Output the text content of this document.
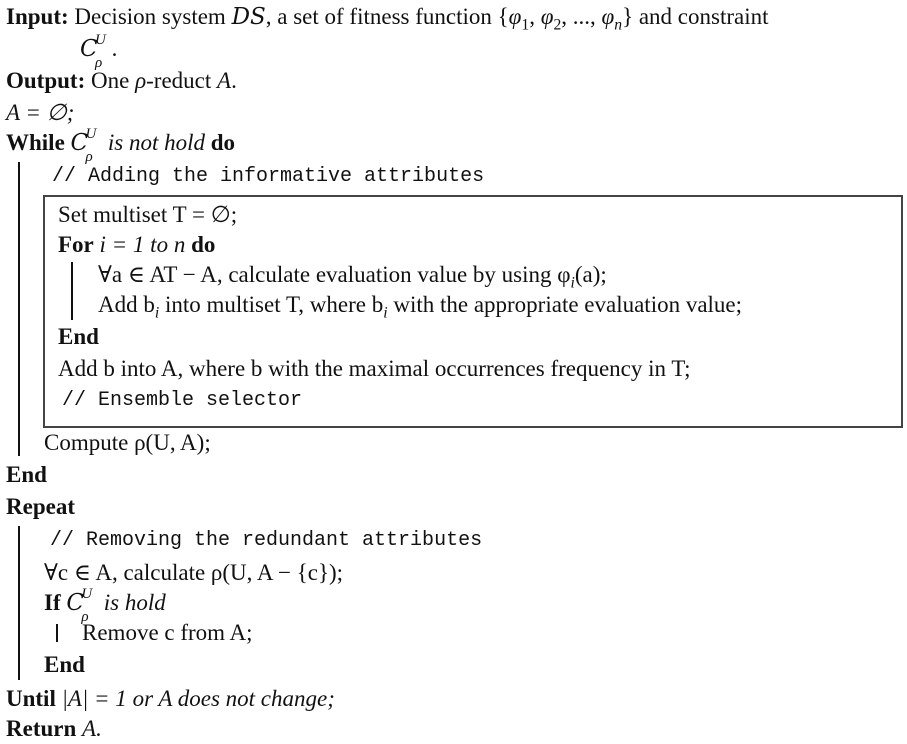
Input: Decision system DS, a set of fitness function {$\varphi_1$, $\varphi_2$, ..., $\varphi_n$} and constraint
C
U
ρ
.
Output: One ρ-reduct A.
A = ∅;
While C
U
ρ
is not hold do
// Adding the informative attributes
Set multiset T = ∅;
For i = 1 to n do
∀a ∈ AT − A, calculate evaluation value by using $\varphi_i(a)$;
Add $b_i$ into multiset T, where $b_i$ with the appropriate evaluation value;
End
Add b into A, where b with the maximal occurrences frequency in T;
// Ensemble selector
Compute ρ(U, A);
End
Repeat
// Removing the redundant attributes
∀c ∈ A, calculate ρ(U, A − {c});
If C
U
ρ
is hold
Remove c from A;
End
Until |A| = 1 or A does not change;
Return A.
